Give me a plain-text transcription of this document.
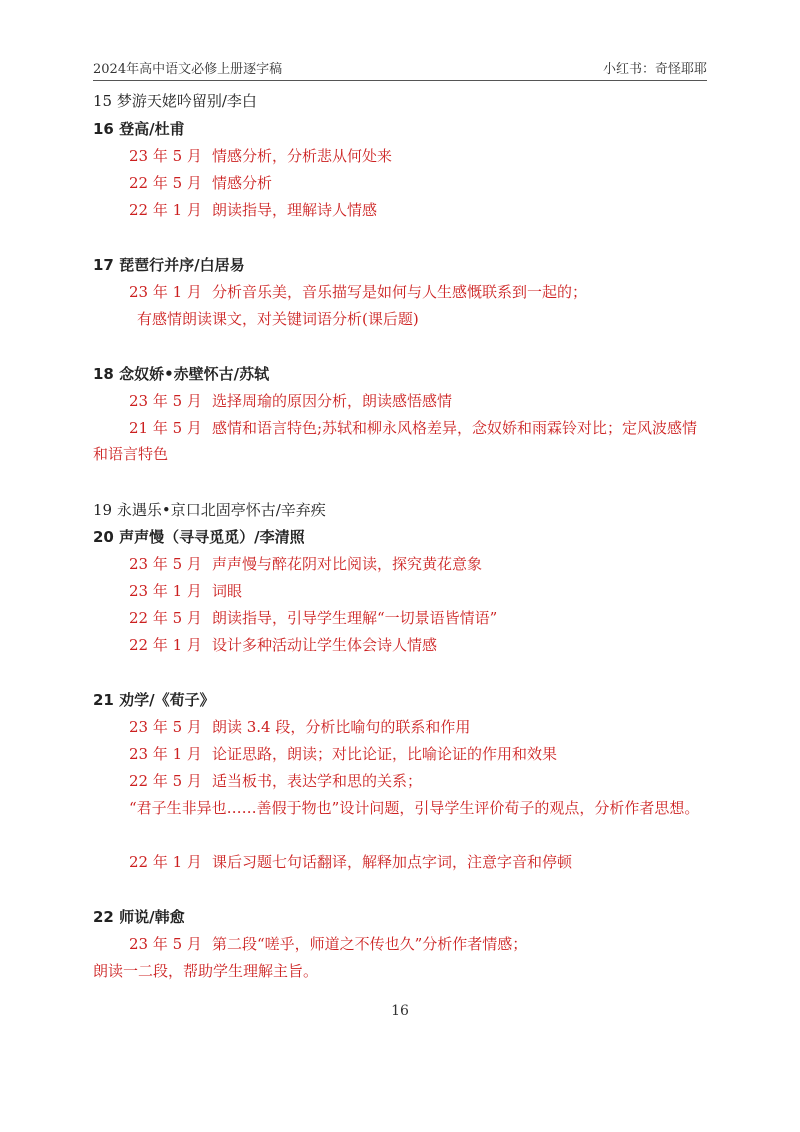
2024年高中语文必修上册逐字稿	小红书：奇怪耶耶
15 梦游天姥吟留别/李白
16 登高/杜甫
23 年 5 月 情感分析，分析悲从何处来
22 年 5 月 情感分析
22 年 1 月 朗读指导，理解诗人情感
17 琵琶行并序/白居易
23 年 1 月 分析音乐美，音乐描写是如何与人生感慨联系到一起的；
有感情朗读课文，对关键词语分析(课后题)
18 念奴娇•赤壁怀古/苏轼
23 年 5 月 选择周瑜的原因分析，朗读感悟感情
21 年 5 月 感情和语言特色;苏轼和柳永风格差异，念奴娇和雨霖铃对比；定风波感情和语言特色
19 永遇乐•京口北固亭怀古/辛弃疾
20 声声慢（寻寻觅觅）/李清照
23 年 5 月 声声慢与醉花阴对比阅读，探究黄花意象
23 年 1 月 词眼
22 年 5 月 朗读指导，引导学生理解“一切景语皆情语”
22 年 1 月 设计多种活动让学生体会诗人情感
21 劝学/《荀子》
23 年 5 月 朗读 3.4 段，分析比喻句的联系和作用
23 年 1 月 论证思路，朗读；对比论证，比喻论证的作用和效果
22 年 5 月 适当板书，表达学和思的关系；
“君子生非异也……善假于物也”设计问题，引导学生评价荀子的观点，分析作者思想。
22 年 1 月 课后习题七句话翻译，解释加点字词，注意字音和停顿
22 师说/韩愈
23 年 5 月 第二段“嗟乎，师道之不传也久”分析作者情感；
朗读一二段，帮助学生理解主旨。
16
